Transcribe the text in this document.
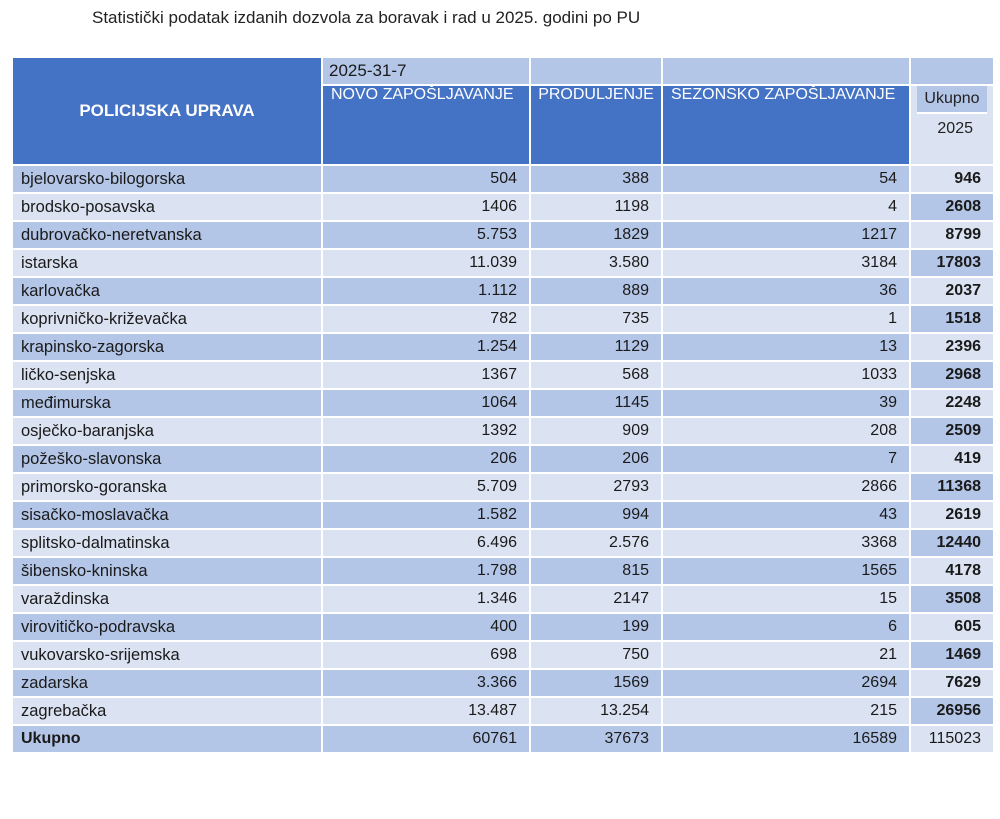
Statistički podatak izdanih dozvola za boravak i rad u 2025. godini po PU
POLICIJSKA UPRAVA	2025-31-7			
	NOVO ZAPOŠLJAVANJE	PRODULJENJE	SEZONSKO ZAPOŠLJAVANJE	Ukupno
2025

bjelovarsko-bilogorska	504	388	54	946
brodsko-posavska	1406	1198	4	2608
dubrovačko-neretvanska	5.753	1829	1217	8799
istarska	11.039	3.580	3184	17803
karlovačka	1.112	889	36	2037
koprivničko-križevačka	782	735	1	1518
krapinsko-zagorska	1.254	1129	13	2396
ličko-senjska	1367	568	1033	2968
međimurska	1064	1145	39	2248
osječko-baranjska	1392	909	208	2509
požeško-slavonska	206	206	7	419
primorsko-goranska	5.709	2793	2866	11368
sisačko-moslavačka	1.582	994	43	2619
splitsko-dalmatinska	6.496	2.576	3368	12440
šibensko-kninska	1.798	815	1565	4178
varaždinska	1.346	2147	15	3508
virovitičko-podravska	400	199	6	605
vukovarsko-srijemska	698	750	21	1469
zadarska	3.366	1569	2694	7629
zagrebačka	13.487	13.254	215	26956
Ukupno	60761	37673	16589	115023
